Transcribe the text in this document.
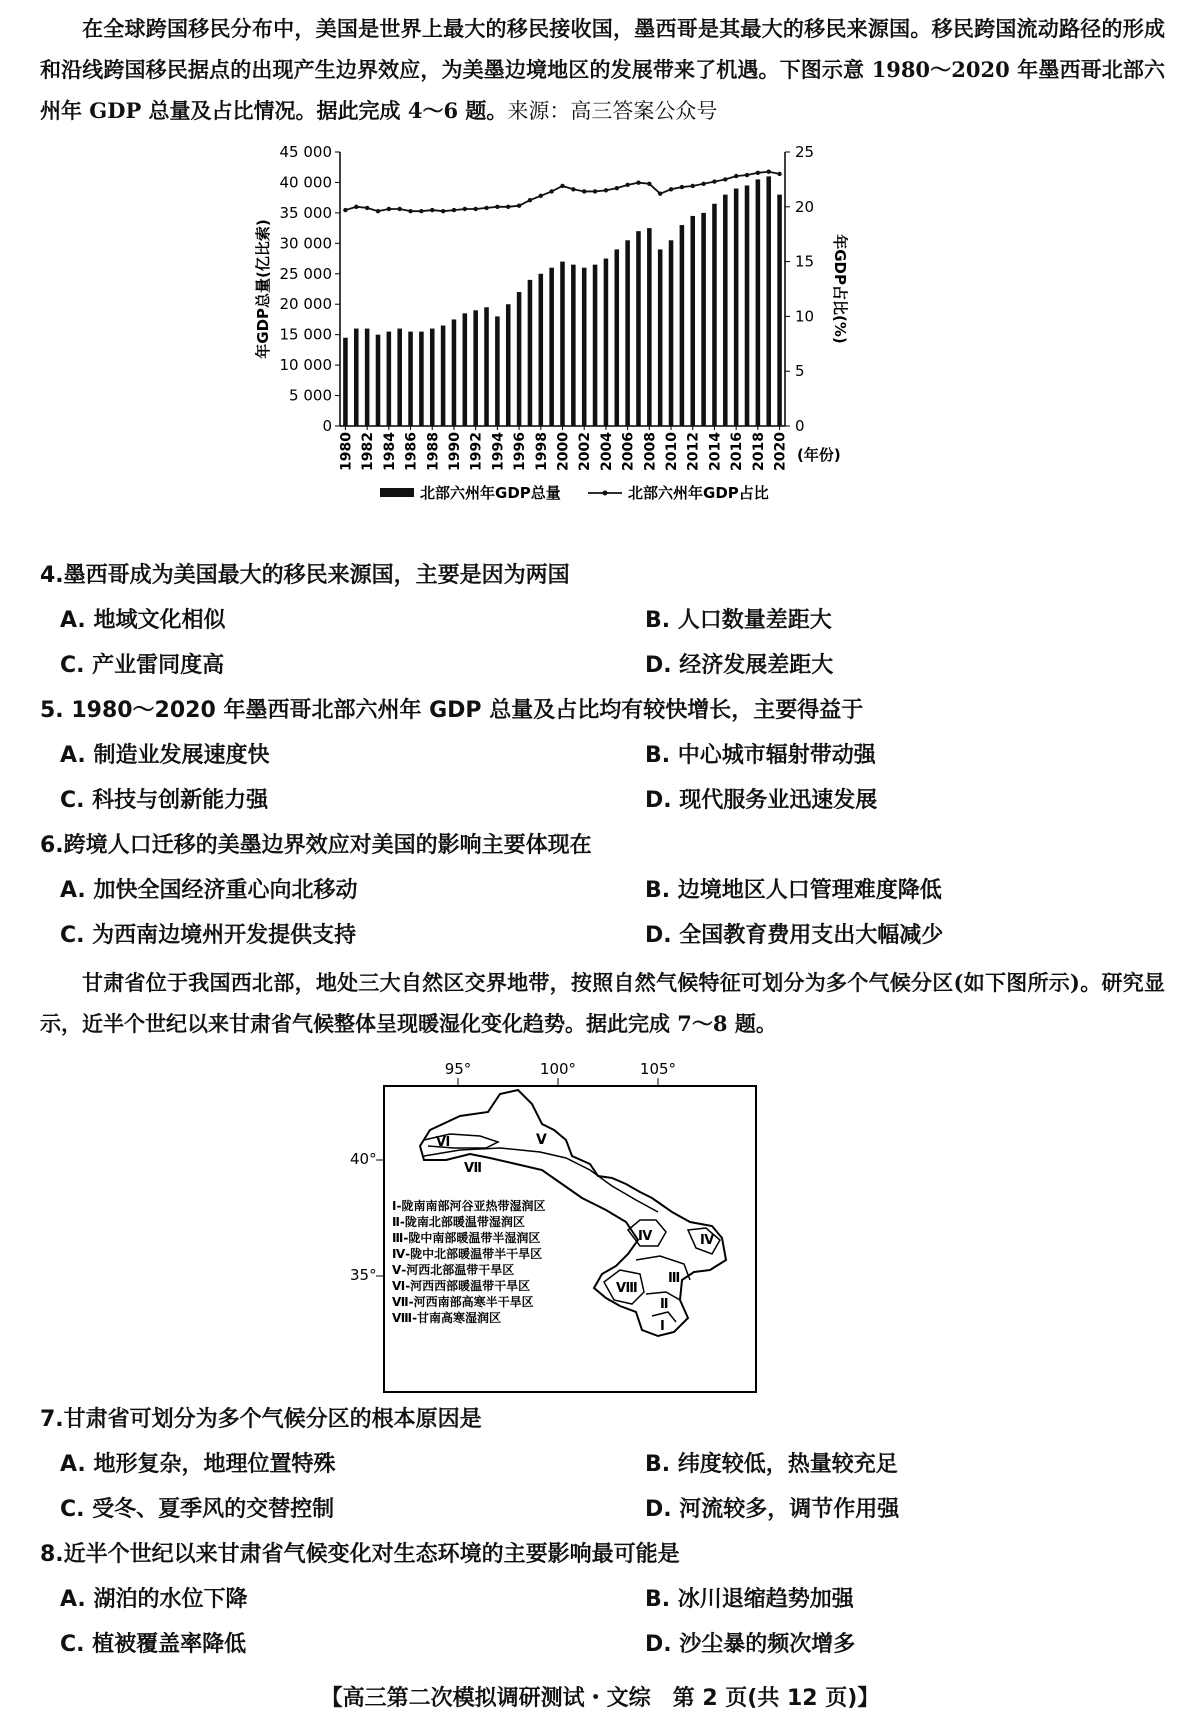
在全球跨国移民分布中，美国是世界上最大的移民接收国，墨西哥是其最大的移民来源国。移民跨国流动路径的形成和沿线跨国移民据点的出现产生边界效应，为美墨边境地区的发展带来了机遇。下图示意 1980～2020 年墨西哥北部六州年 GDP 总量及占比情况。据此完成 4～6 题。来源：高三答案公众号
0
5 000
10 000
15 000
20 000
25 000
30 000
35 000
40 000
45 000
0
5
10
15
20
25
年GDP总量(亿比索)	年GDP占比(%)
1980 1982 1984 1986 1988 1990 1992 1994 1996 1998 2000 2002 2004 2006 2008 2010 2012 2014 2016 2018 2020 (年份)
北部六州年GDP总量	北部六州年GDP占比
4.墨西哥成为美国最大的移民来源国，主要是因为两国
A. 地域文化相似	B. 人口数量差距大
C. 产业雷同度高	D. 经济发展差距大
5. 1980～2020 年墨西哥北部六州年 GDP 总量及占比均有较快增长，主要得益于
A. 制造业发展速度快	B. 中心城市辐射带动强
C. 科技与创新能力强	D. 现代服务业迅速发展
6.跨境人口迁移的美墨边界效应对美国的影响主要体现在
A. 加快全国经济重心向北移动	B. 边境地区人口管理难度降低
C. 为西南边境州开发提供支持	D. 全国教育费用支出大幅减少
甘肃省位于我国西北部，地处三大自然区交界地带，按照自然气候特征可划分为多个气候分区(如下图所示)。研究显示，近半个世纪以来甘肃省气候整体呈现暖湿化变化趋势。据此完成 7～8 题。
95°	100°	105°
40°
35°
Ⅵ	Ⅴ
Ⅶ
Ⅳ	Ⅳ
Ⅷ
Ⅲ
Ⅱ
Ⅰ
Ⅰ-陇南南部河谷亚热带湿润区
Ⅱ-陇南北部暖温带湿润区
Ⅲ-陇中南部暖温带半湿润区
Ⅳ-陇中北部暖温带半干旱区
Ⅴ-河西北部温带干旱区
Ⅵ-河西西部暖温带干旱区
Ⅶ-河西南部高寒半干旱区
Ⅷ-甘南高寒湿润区
7.甘肃省可划分为多个气候分区的根本原因是
A. 地形复杂，地理位置特殊	B. 纬度较低，热量较充足
C. 受冬、夏季风的交替控制	D. 河流较多，调节作用强
8.近半个世纪以来甘肃省气候变化对生态环境的主要影响最可能是
A. 湖泊的水位下降	B. 冰川退缩趋势加强
C. 植被覆盖率降低	D. 沙尘暴的频次增多
【高三第二次模拟调研测试・文综　第 2 页(共 12 页)】
